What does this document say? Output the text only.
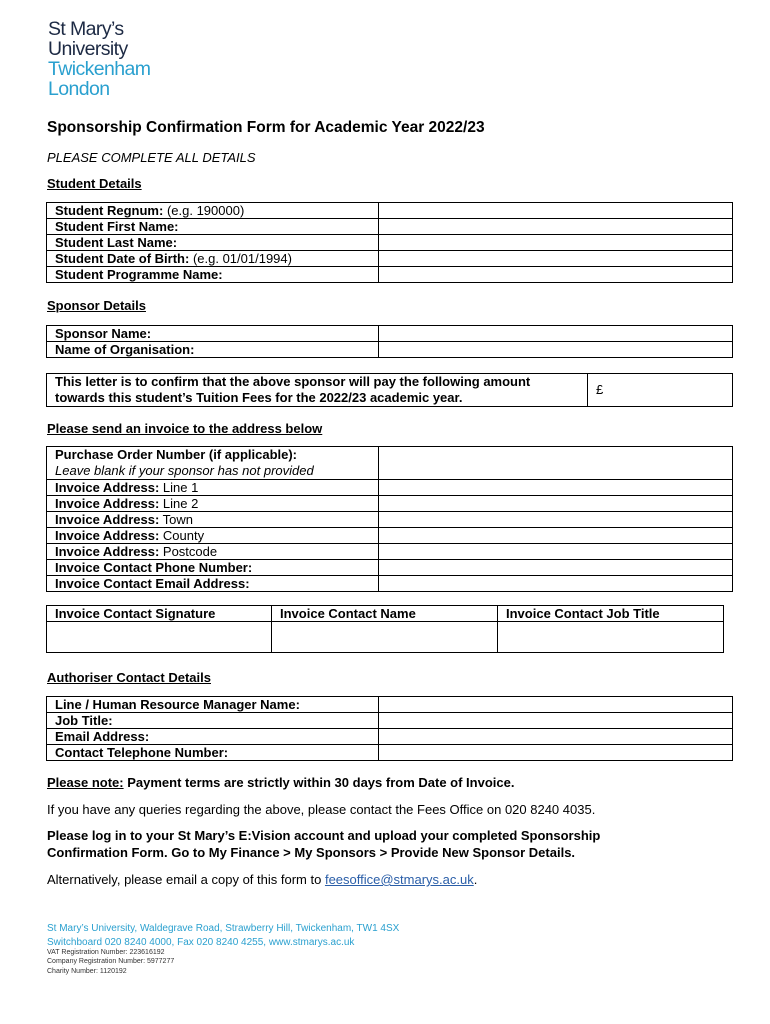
St Mary’s
University
Twickenham
London
Sponsorship Confirmation Form for Academic Year 2022/23
PLEASE COMPLETE ALL DETAILS
Student Details
Student Regnum: (e.g. 190000)	
Student First Name:	
Student Last Name:	
Student Date of Birth: (e.g. 01/01/1994)	
Student Programme Name:	
Sponsor Details
Sponsor Name:	
Name of Organisation:	
This letter is to confirm that the above sponsor will pay the following amount
towards this student’s Tuition Fees for the 2022/23 academic year.
	£
Please send an invoice to the address below
Purchase Order Number (if applicable):
Leave blank if your sponsor has not provided	

Invoice Address: Line 1	
Invoice Address: Line 2	
Invoice Address: Town	
Invoice Address: County	
Invoice Address: Postcode	
Invoice Contact Phone Number:	
Invoice Contact Email Address:	
Invoice Contact Signature	Invoice Contact Name	Invoice Contact Job Title

Authoriser Contact Details
Line / Human Resource Manager Name:	
Job Title:	
Email Address:	
Contact Telephone Number:	
Please note: Payment terms are strictly within 30 days from Date of Invoice.
If you have any queries regarding the above, please contact the Fees Office on 020 8240 4035.
Please log in to your St Mary’s E:Vision account and upload your completed Sponsorship
Confirmation Form. Go to My Finance > My Sponsors > Provide New Sponsor Details.
Alternatively, please email a copy of this form to feesoffice@stmarys.ac.uk.
St Mary’s University, Waldegrave Road, Strawberry Hill, Twickenham, TW1 4SX
Switchboard 020 8240 4000, Fax 020 8240 4255, www.stmarys.ac.uk
VAT Registration Number: 223616192
Company Registration Number: 5977277
Charity Number: 1120192
